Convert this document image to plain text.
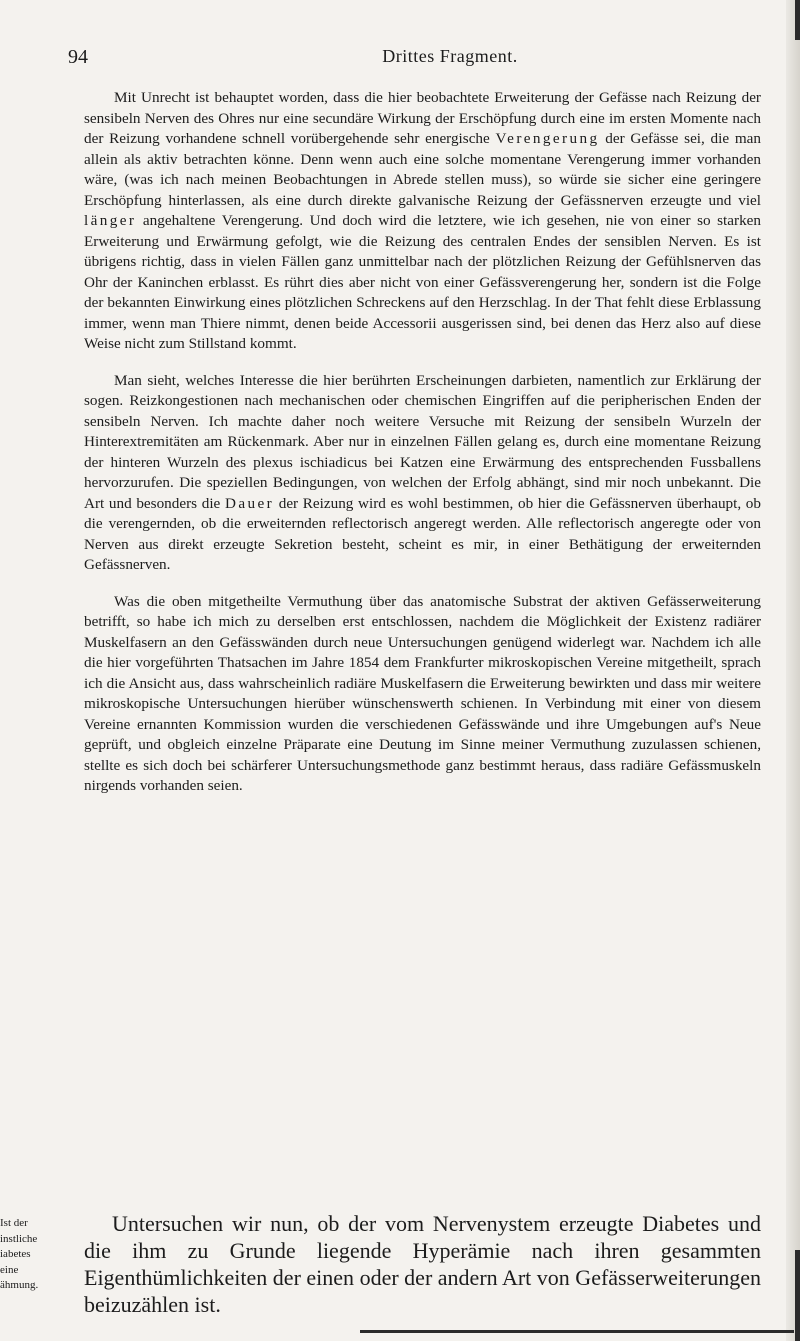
94	Drittes Fragment.

Mit Unrecht ist behauptet worden, dass die hier beobachtete Erweiterung der Gefässe nach Reizung der sensibeln Nerven des Ohres nur eine secundäre Wirkung der Erschöpfung durch eine im ersten Momente nach der Reizung vorhandene schnell vorübergehende sehr energische Verengerung der Gefässe sei, die man allein als aktiv betrachten könne. Denn wenn auch eine solche momentane Verengerung immer vorhanden wäre, (was ich nach meinen Beobachtungen in Abrede stellen muss), so würde sie sicher eine geringere Erschöpfung hinterlassen, als eine durch direkte galvanische Reizung der Gefässnerven erzeugte und viel länger angehaltene Verengerung. Und doch wird die letztere, wie ich gesehen, nie von einer so starken Erweiterung und Erwärmung gefolgt, wie die Reizung des centralen Endes der sensiblen Nerven. Es ist übrigens richtig, dass in vielen Fällen ganz unmittelbar nach der plötzlichen Reizung der Gefühlsnerven das Ohr der Kaninchen erblasst. Es rührt dies aber nicht von einer Gefässverengerung her, sondern ist die Folge der bekannten Einwirkung eines plötzlichen Schreckens auf den Herzschlag. In der That fehlt diese Erblassung immer, wenn man Thiere nimmt, denen beide Accessorii ausgerissen sind, bei denen das Herz also auf diese Weise nicht zum Stillstand kommt.

Man sieht, welches Interesse die hier berührten Erscheinungen darbieten, namentlich zur Erklärung der sogen. Reizkongestionen nach mechanischen oder chemischen Eingriffen auf die peripherischen Enden der sensibeln Nerven. Ich machte daher noch weitere Versuche mit Reizung der sensibeln Wurzeln der Hinterextremitäten am Rückenmark. Aber nur in einzelnen Fällen gelang es, durch eine momentane Reizung der hinteren Wurzeln des plexus ischiadicus bei Katzen eine Erwärmung des entsprechenden Fussballens hervorzurufen. Die speziellen Bedingungen, von welchen der Erfolg abhängt, sind mir noch unbekannt. Die Art und besonders die Dauer der Reizung wird es wohl bestimmen, ob hier die Gefässnerven überhaupt, ob die verengernden, ob die erweiternden reflectorisch angeregt werden. Alle reflectorisch angeregte oder von Nerven aus direkt erzeugte Sekretion besteht, scheint es mir, in einer Bethätigung der erweiternden Gefässnerven.

Was die oben mitgetheilte Vermuthung über das anatomische Substrat der aktiven Gefässerweiterung betrifft, so habe ich mich zu derselben erst entschlossen, nachdem die Möglichkeit der Existenz radiärer Muskelfasern an den Gefässwänden durch neue Untersuchungen genügend widerlegt war. Nachdem ich alle die hier vorgeführten Thatsachen im Jahre 1854 dem Frankfurter mikroskopischen Vereine mitgetheilt, sprach ich die Ansicht aus, dass wahrscheinlich radiäre Muskelfasern die Erweiterung bewirkten und dass mir weitere mikroskopische Untersuchungen hierüber wünschenswerth schienen. In Verbindung mit einer von diesem Vereine ernannten Kommission wurden die verschiedenen Gefässwände und ihre Umgebungen auf's Neue geprüft, und obgleich einzelne Präparate eine Deutung im Sinne meiner Vermuthung zuzulassen schienen, stellte es sich doch bei schärferer Untersuchungsmethode ganz bestimmt heraus, dass radiäre Gefässmuskeln nirgends vorhanden seien.

Ist der
instliche
iabetes
eine
ähmung.

Untersuchen wir nun, ob der vom Nervenystem erzeugte Diabetes und die ihm zu Grunde liegende Hyperämie nach ihren gesammten Eigenthümlichkeiten der einen oder der andern Art von Gefässerweiterungen beizuzählen ist.
